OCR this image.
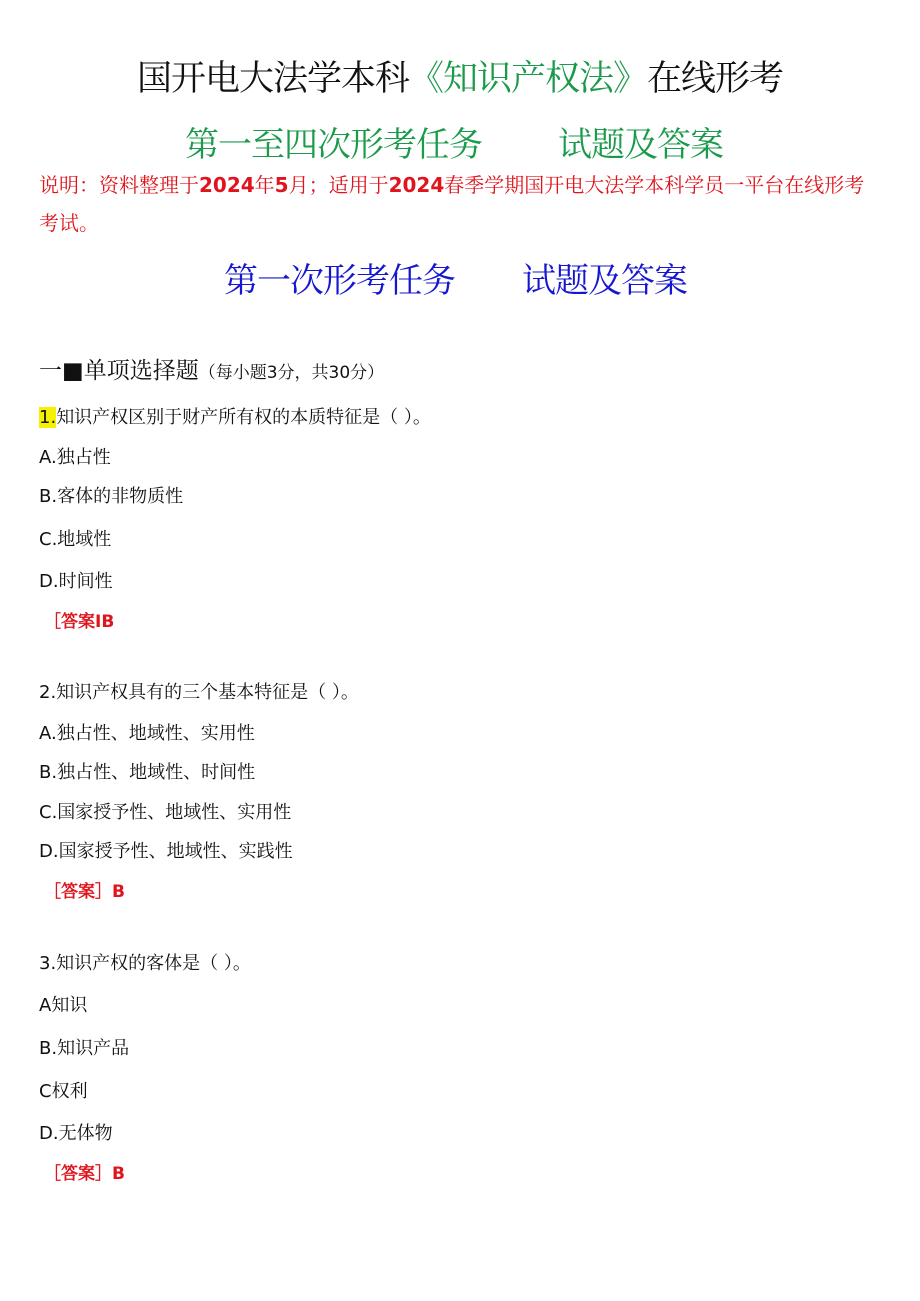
国开电大法学本科《知识产权法》在线形考
第一至四次形考任务 试题及答案
说明：资料整理于2024年5月；适用于2024春季学期国开电大法学本科学员一平台在线形考考试。
第一次形考任务 试题及答案
一■单项选择题（每小题3分，共30分）
1.知识产权区别于财产所有权的本质特征是（ ）。
A.独占性
B.客体的非物质性
C.地域性
D.时间性
［答案IB
2.知识产权具有的三个基本特征是（ ）。
A.独占性、地域性、实用性
B.独占性、地域性、时间性
C.国家授予性、地域性、实用性
D.国家授予性、地域性、实践性
［答案］B
3.知识产权的客体是（ ）。
A知识
B.知识产品
C权利
D.无体物
［答案］B
